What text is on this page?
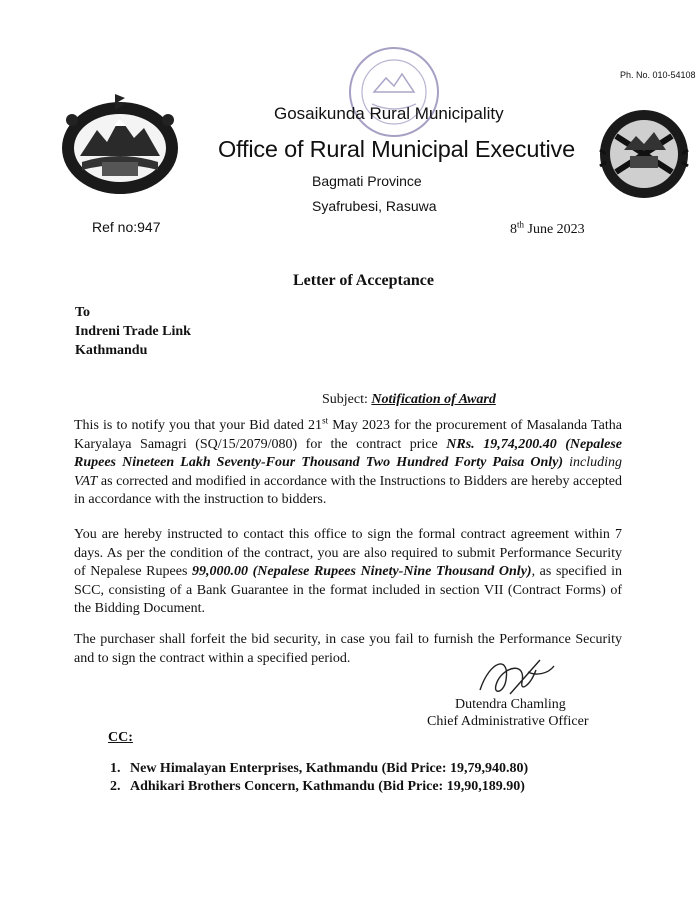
Ph. No. 010-54108
Gosaikunda Rural Municipality
Office of Rural Municipal Executive
Bagmati Province
Syafrubesi, Rasuwa
Ref no:947	8th June 2023
Letter of Acceptance
To
Indreni Trade Link
Kathmandu
Subject: Notification of Award
This is to notify you that your Bid dated 21st May 2023 for the procurement of Masalanda Tatha Karyalaya Samagri (SQ/15/2079/080) for the contract price NRs. 19,74,200.40 (Nepalese Rupees Nineteen Lakh Seventy-Four Thousand Two Hundred Forty Paisa Only) including VAT as corrected and modified in accordance with the Instructions to Bidders are hereby accepted in accordance with the instruction to bidders.
You are hereby instructed to contact this office to sign the formal contract agreement within 7 days. As per the condition of the contract, you are also required to submit Performance Security of Nepalese Rupees 99,000.00 (Nepalese Rupees Ninety-Nine Thousand Only), as specified in SCC, consisting of a Bank Guarantee in the format included in section VII (Contract Forms) of the Bidding Document.
The purchaser shall forfeit the bid security, in case you fail to furnish the Performance Security and to sign the contract within a specified period.
Dutendra Chamling
Chief Administrative Officer
CC:
1. New Himalayan Enterprises, Kathmandu (Bid Price: 19,79,940.80)
2. Adhikari Brothers Concern, Kathmandu (Bid Price: 19,90,189.90)
